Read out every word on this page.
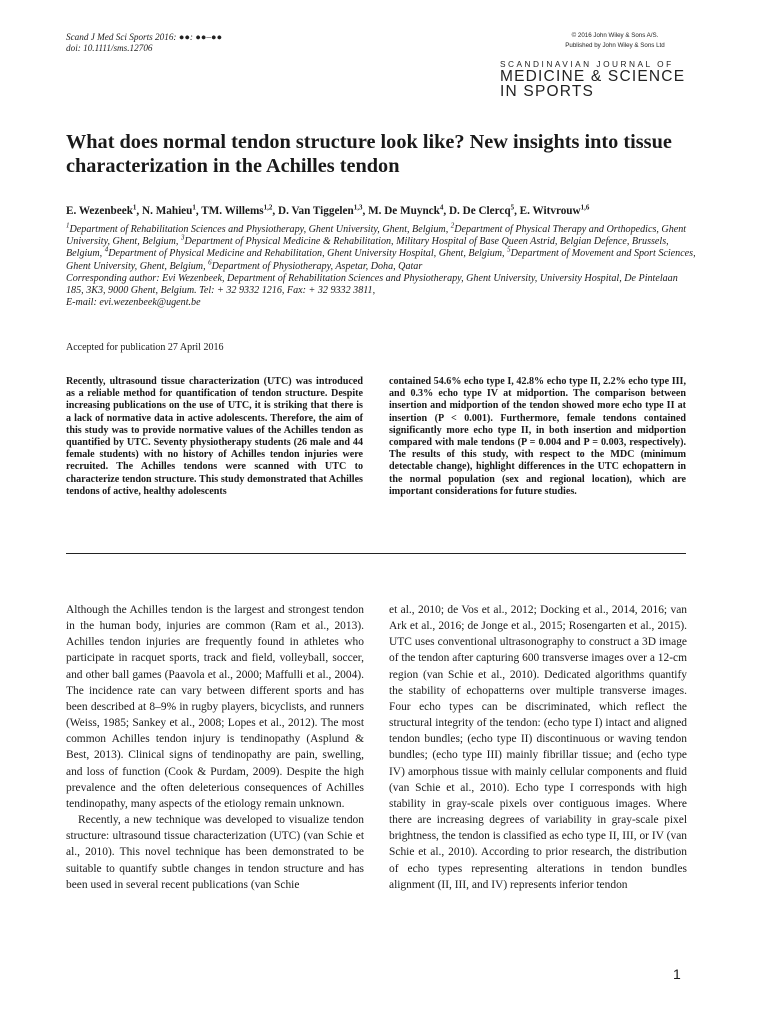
Scand J Med Sci Sports 2016: ●●: ●●–●●
doi: 10.1111/sms.12706
© 2016 John Wiley & Sons A/S.
Published by John Wiley & Sons Ltd
SCANDINAVIAN JOURNAL OF
MEDICINE & SCIENCE
IN SPORTS
What does normal tendon structure look like? New insights into tissue characterization in the Achilles tendon
E. Wezenbeek$^1$, N. Mahieu$^1$, TM. Willems$^{1,2}$, D. Van Tiggelen$^{1,3}$, M. De Muynck$^4$, D. De Clercq$^5$, E. Witvrouw$^{1,6}$
$^1$Department of Rehabilitation Sciences and Physiotherapy, Ghent University, Ghent, Belgium, $^2$Department of Physical Therapy and Orthopedics, Ghent University, Ghent, Belgium, $^3$Department of Physical Medicine & Rehabilitation, Military Hospital of Base Queen Astrid, Belgian Defence, Brussels, Belgium, $^4$Department of Physical Medicine and Rehabilitation, Ghent University Hospital, Ghent, Belgium, $^5$Department of Movement and Sport Sciences, Ghent University, Ghent, Belgium, $^6$Department of Physiotherapy, Aspetar, Doha, Qatar
Corresponding author: Evi Wezenbeek, Department of Rehabilitation Sciences and Physiotherapy, Ghent University, University Hospital, De Pintelaan 185, 3K3, 9000 Ghent, Belgium. Tel: + 32 9332 1216, Fax: + 32 9332 3811,
E-mail: evi.wezenbeek@ugent.be
Accepted for publication 27 April 2016
Recently, ultrasound tissue characterization (UTC) was introduced as a reliable method for quantification of tendon structure. Despite increasing publications on the use of UTC, it is striking that there is a lack of normative data in active adolescents. Therefore, the aim of this study was to provide normative values of the Achilles tendon as quantified by UTC. Seventy physiotherapy students (26 male and 44 female students) with no history of Achilles tendon injuries were recruited. The Achilles tendons were scanned with UTC to characterize tendon structure. This study demonstrated that Achilles tendons of active, healthy adolescents
contained 54.6% echo type I, 42.8% echo type II, 2.2% echo type III, and 0.3% echo type IV at midportion. The comparison between insertion and midportion of the tendon showed more echo type II at insertion (P < 0.001). Furthermore, female tendons contained significantly more echo type II, in both insertion and midportion compared with male tendons (P = 0.004 and P = 0.003, respectively). The results of this study, with respect to the MDC (minimum detectable change), highlight differences in the UTC echopattern in the normal population (sex and regional location), which are important considerations for future studies.

Although the Achilles tendon is the largest and strongest tendon in the human body, injuries are common (Ram et al., 2013). Achilles tendon injuries are frequently found in athletes who participate in racquet sports, track and field, volleyball, soccer, and other ball games (Paavola et al., 2000; Maffulli et al., 2004). The incidence rate can vary between different sports and has been described at 8–9% in rugby players, bicyclists, and runners (Weiss, 1985; Sankey et al., 2008; Lopes et al., 2012). The most common Achilles tendon injury is tendinopathy (Asplund & Best, 2013). Clinical signs of tendinopathy are pain, swelling, and loss of function (Cook & Purdam, 2009). Despite the high prevalence and the often deleterious consequences of Achilles tendinopathy, many aspects of the etiology remain unknown.

Recently, a new technique was developed to visualize tendon structure: ultrasound tissue characterization (UTC) (van Schie et al., 2010). This novel technique has been demonstrated to be suitable to quantify subtle changes in tendon structure and has been used in several recent publications (van Schie

et al., 2010; de Vos et al., 2012; Docking et al., 2014, 2016; van Ark et al., 2016; de Jonge et al., 2015; Rosengarten et al., 2015). UTC uses conventional ultrasonography to construct a 3D image of the tendon after capturing 600 transverse images over a 12-cm region (van Schie et al., 2010). Dedicated algorithms quantify the stability of echopatterns over multiple transverse images. Four echo types can be discriminated, which reflect the structural integrity of the tendon: (echo type I) intact and aligned tendon bundles; (echo type II) discontinuous or waving tendon bundles; (echo type III) mainly fibrillar tissue; and (echo type IV) amorphous tissue with mainly cellular components and fluid (van Schie et al., 2010). Echo type I corresponds with high stability in gray-scale pixels over contiguous images. Where there are increasing degrees of variability in gray-scale pixel brightness, the tendon is classified as echo type II, III, or IV (van Schie et al., 2010). According to prior research, the distribution of echo types representing alterations in tendon bundles alignment (II, III, and IV) represents inferior tendon

1
